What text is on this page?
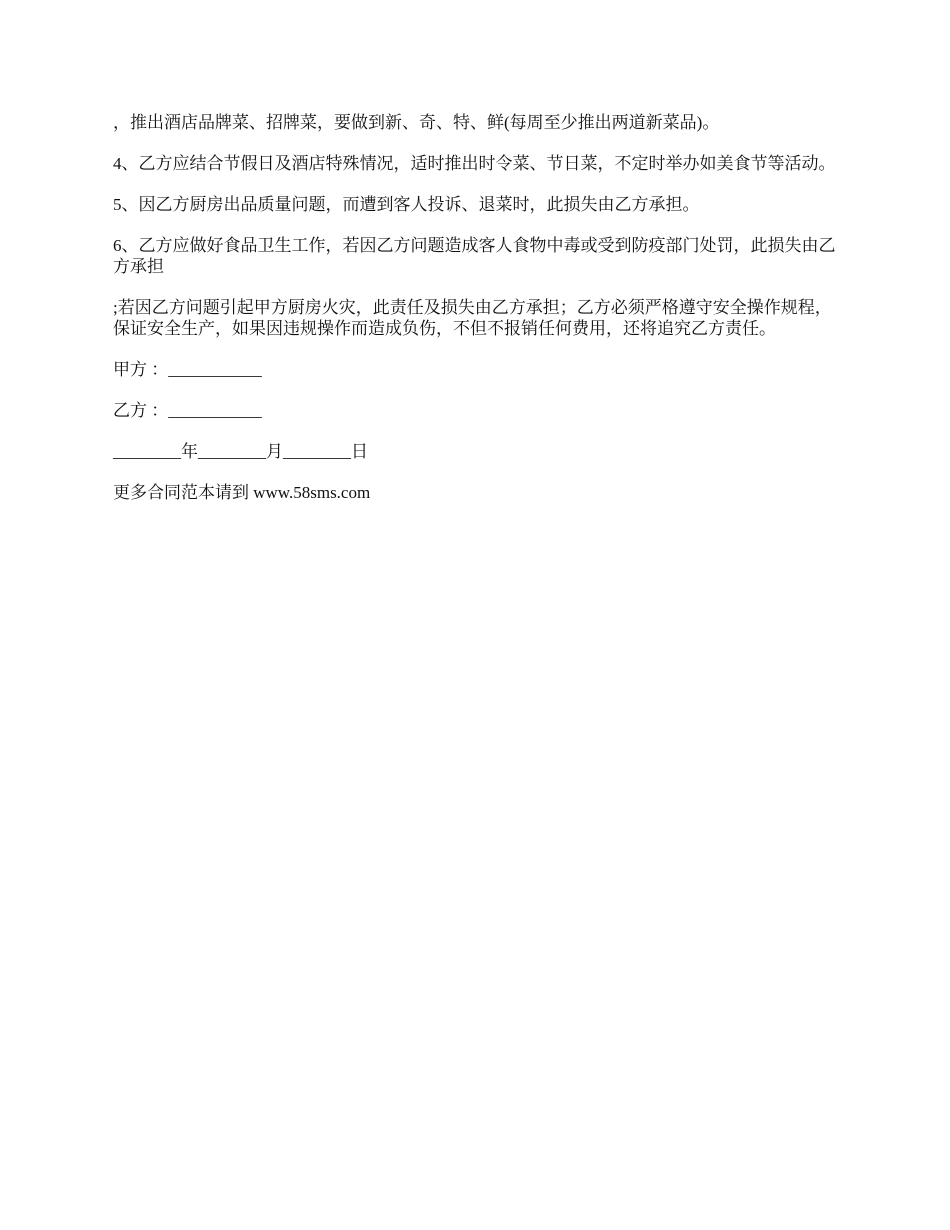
，推出酒店品牌菜、招牌菜，要做到新、奇、特、鲜(每周至少推出两道新菜品)。

4、乙方应结合节假日及酒店特殊情况，适时推出时令菜、节日菜，不定时举办如美食节等活动。

5、因乙方厨房出品质量问题，而遭到客人投诉、退菜时，此损失由乙方承担。

6、乙方应做好食品卫生工作，若因乙方问题造成客人食物中毒或受到防疫部门处罚，此损失由乙方承担

;若因乙方问题引起甲方厨房火灾，此责任及损失由乙方承担；乙方必须严格遵守安全操作规程，保证安全生产，如果因违规操作而造成负伤，不但不报销任何费用，还将追究乙方责任。

甲方 ：___________

乙方 ：___________

________年________月________日

更多合同范本请到 www.58sms.com
